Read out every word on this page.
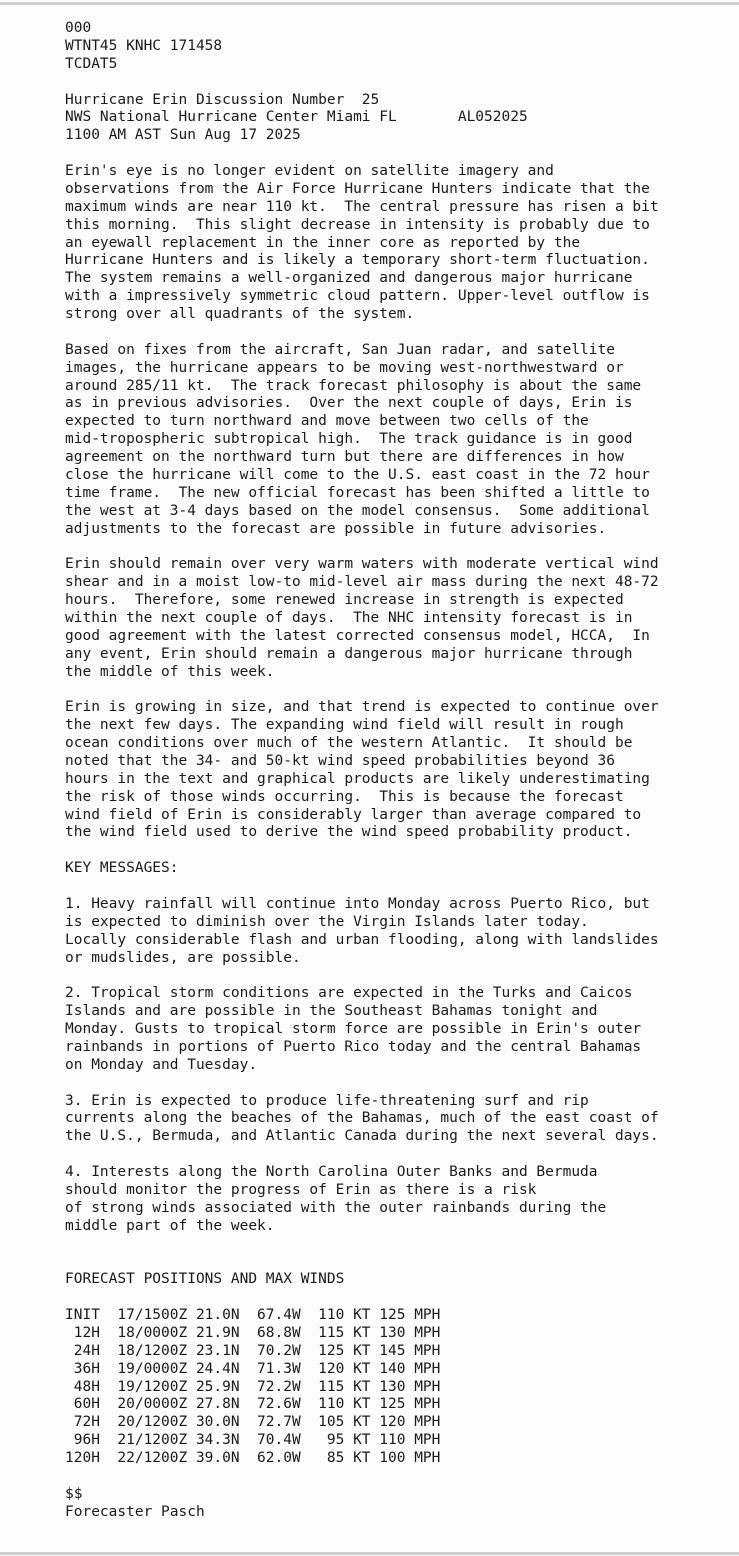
000
WTNT45 KNHC 171458
TCDAT5

Hurricane Erin Discussion Number  25
NWS National Hurricane Center Miami FL       AL052025
1100 AM AST Sun Aug 17 2025

Erin's eye is no longer evident on satellite imagery and
observations from the Air Force Hurricane Hunters indicate that the
maximum winds are near 110 kt.  The central pressure has risen a bit
this morning.  This slight decrease in intensity is probably due to
an eyewall replacement in the inner core as reported by the
Hurricane Hunters and is likely a temporary short-term fluctuation.
The system remains a well-organized and dangerous major hurricane
with a impressively symmetric cloud pattern. Upper-level outflow is
strong over all quadrants of the system.

Based on fixes from the aircraft, San Juan radar, and satellite
images, the hurricane appears to be moving west-northwestward or
around 285/11 kt.  The track forecast philosophy is about the same
as in previous advisories.  Over the next couple of days, Erin is
expected to turn northward and move between two cells of the
mid-tropospheric subtropical high.  The track guidance is in good
agreement on the northward turn but there are differences in how
close the hurricane will come to the U.S. east coast in the 72 hour
time frame.  The new official forecast has been shifted a little to
the west at 3-4 days based on the model consensus.  Some additional
adjustments to the forecast are possible in future advisories.

Erin should remain over very warm waters with moderate vertical wind
shear and in a moist low-to mid-level air mass during the next 48-72
hours.  Therefore, some renewed increase in strength is expected
within the next couple of days.  The NHC intensity forecast is in
good agreement with the latest corrected consensus model, HCCA,  In
any event, Erin should remain a dangerous major hurricane through
the middle of this week.

Erin is growing in size, and that trend is expected to continue over
the next few days. The expanding wind field will result in rough
ocean conditions over much of the western Atlantic.  It should be
noted that the 34- and 50-kt wind speed probabilities beyond 36
hours in the text and graphical products are likely underestimating
the risk of those winds occurring.  This is because the forecast
wind field of Erin is considerably larger than average compared to
the wind field used to derive the wind speed probability product.

KEY MESSAGES:

1. Heavy rainfall will continue into Monday across Puerto Rico, but
is expected to diminish over the Virgin Islands later today.
Locally considerable flash and urban flooding, along with landslides
or mudslides, are possible.

2. Tropical storm conditions are expected in the Turks and Caicos
Islands and are possible in the Southeast Bahamas tonight and
Monday. Gusts to tropical storm force are possible in Erin's outer
rainbands in portions of Puerto Rico today and the central Bahamas
on Monday and Tuesday.

3. Erin is expected to produce life-threatening surf and rip
currents along the beaches of the Bahamas, much of the east coast of
the U.S., Bermuda, and Atlantic Canada during the next several days.

4. Interests along the North Carolina Outer Banks and Bermuda
should monitor the progress of Erin as there is a risk
of strong winds associated with the outer rainbands during the
middle part of the week.

FORECAST POSITIONS AND MAX WINDS

INIT  17/1500Z 21.0N  67.4W  110 KT 125 MPH
12H  18/0000Z 21.9N  68.8W  115 KT 130 MPH
24H  18/1200Z 23.1N  70.2W  125 KT 145 MPH
36H  19/0000Z 24.4N  71.3W  120 KT 140 MPH
48H  19/1200Z 25.9N  72.2W  115 KT 130 MPH
60H  20/0000Z 27.8N  72.6W  110 KT 125 MPH
72H  20/1200Z 30.0N  72.7W  105 KT 120 MPH
96H  21/1200Z 34.3N  70.4W   95 KT 110 MPH
120H  22/1200Z 39.0N  62.0W   85 KT 100 MPH

$$
Forecaster Pasch
